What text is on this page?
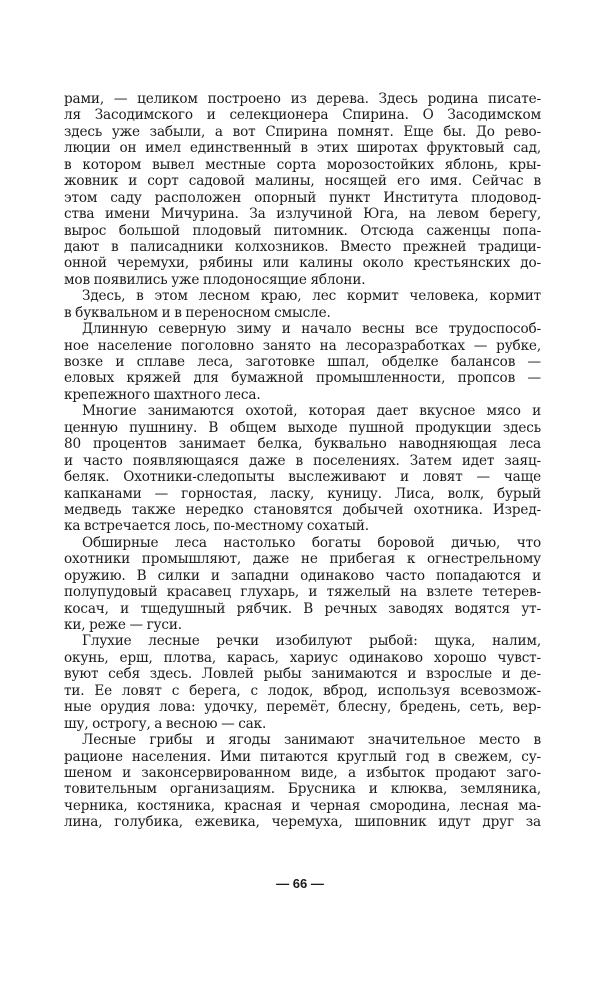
рами, — целиком построено из дерева. Здесь родина писате-
ля Засодимского и селекционера Спирина. О Засодимском
здесь уже забыли, а вот Спирина помнят. Еще бы. До рево-
люции он имел единственный в этих широтах фруктовый сад,
в котором вывел местные сорта морозостойких яблонь, кры-
жовник и сорт садовой малины, носящей его имя. Сейчас в
этом саду расположен опорный пункт Института плодовод-
ства имени Мичурина. За излучиной Юга, на левом берегу,
вырос большой плодовый питомник. Отсюда саженцы попа-
дают в палисадники колхозников. Вместо прежней традици-
онной черемухи, рябины или калины около крестьянских до-
мов появились уже плодоносящие яблони.
Здесь, в этом лесном краю, лес кормит человека, кормит
в буквальном и в переносном смысле.
Длинную северную зиму и начало весны все трудоспособ-
ное население поголовно занято на лесоразработках — рубке,
возке и сплаве леса, заготовке шпал, обделке балансов —
еловых кряжей для бумажной промышленности, пропсов —
крепежного шахтного леса.
Многие занимаются охотой, которая дает вкусное мясо и
ценную пушнину. В общем выходе пушной продукции здесь
80 процентов занимает белка, буквально наводняющая леса
и часто появляющаяся даже в поселениях. Затем идет заяц-
беляк. Охотники-следопыты выслеживают и ловят — чаще
капканами — горностая, ласку, куницу. Лиса, волк, бурый
медведь также нередко становятся добычей охотника. Изред-
ка встречается лось, по-местному сохатый.
Обширные леса настолько богаты боровой дичью, что
охотники промышляют, даже не прибегая к огнестрельному
оружию. В силки и западни одинаково часто попадаются и
полупудовый красавец глухарь, и тяжелый на взлете тетерев-
косач, и тщедушный рябчик. В речных заводях водятся ут-
ки, реже — гуси.
Глухие лесные речки изобилуют рыбой: щука, налим,
окунь, ерш, плотва, карась, хариус одинаково хорошо чувст-
вуют себя здесь. Ловлей рыбы занимаются и взрослые и де-
ти. Ее ловят с берега, с лодок, вброд, используя всевозмож-
ные орудия лова: удочку, перемёт, блесну, бредень, сеть, вер-
шу, острогу, а весною — сак.
Лесные грибы и ягоды занимают значительное место в
рационе населения. Ими питаются круглый год в свежем, су-
шеном и законсервированном виде, а избыток продают заго-
товительным организациям. Брусника и клюква, земляника,
черника, костяника, красная и черная смородина, лесная ма-
лина, голубика, ежевика, черемуха, шиповник идут друг за
— 66 —
